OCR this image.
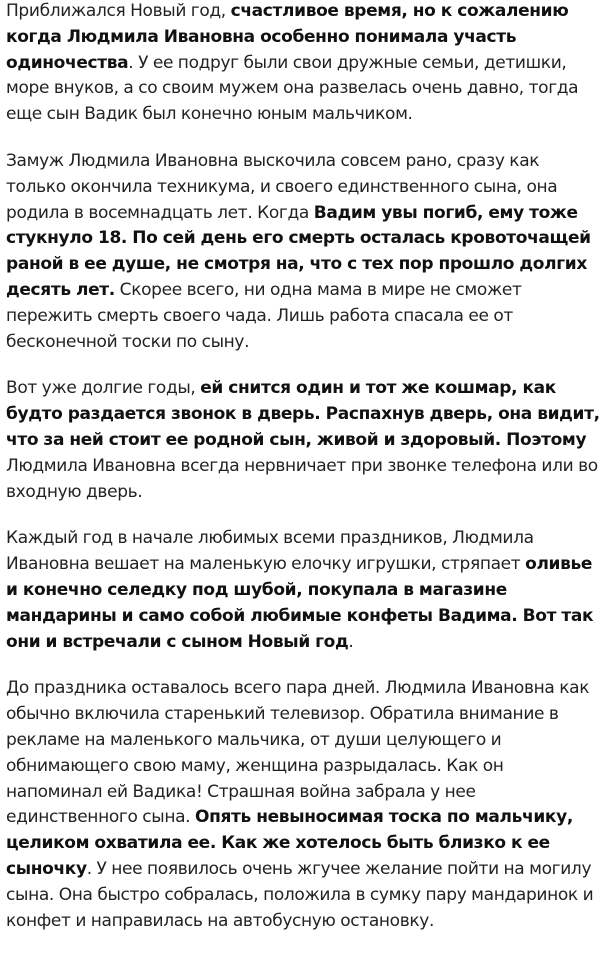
Приближался Новый год, счастливое время, но к сожалению когда Людмила Ивановна особенно понимала участь одиночества. У ее подруг были свои дружные семьи, детишки, море внуков, а со своим мужем она развелась очень давно, тогда еще сын Вадик был конечно юным мальчиком.

Замуж Людмила Ивановна выскочила совсем рано, сразу как только окончила техникума, и своего единственного сына, она родила в восемнадцать лет. Когда Вадим увы погиб, ему тоже стукнуло 18. По сей день его смерть осталась кровоточащей раной в ее душе, не смотря на, что с тех пор прошло долгих десять лет. Скорее всего, ни одна мама в мире не сможет пережить смерть своего чада. Лишь работа спасала ее от бесконечной тоски по сыну.

Вот уже долгие годы, ей снится один и тот же кошмар, как будто раздается звонок в дверь. Распахнув дверь, она видит, что за ней стоит ее родной сын, живой и здоровый. Поэтому Людмила Ивановна всегда нервничает при звонке телефона или во входную дверь.

Каждый год в начале любимых всеми праздников, Людмила Ивановна вешает на маленькую елочку игрушки, стряпает оливье и конечно селедку под шубой, покупала в магазине мандарины и само собой любимые конфеты Вадима. Вот так они и встречали с сыном Новый год.

До праздника оставалось всего пара дней. Людмила Ивановна как обычно включила старенький телевизор. Обратила внимание в рекламе на маленького мальчика, от души целующего и обнимающего свою маму, женщина разрыдалась. Как он напоминал ей Вадика! Страшная война забрала у нее единственного сына. Опять невыносимая тоска по мальчику, целиком охватила ее. Как же хотелось быть близко к ее сыночку. У нее появилось очень жгучее желание пойти на могилу сына. Она быстро собралась, положила в сумку пару мандаринок и конфет и направилась на автобусную остановку.
